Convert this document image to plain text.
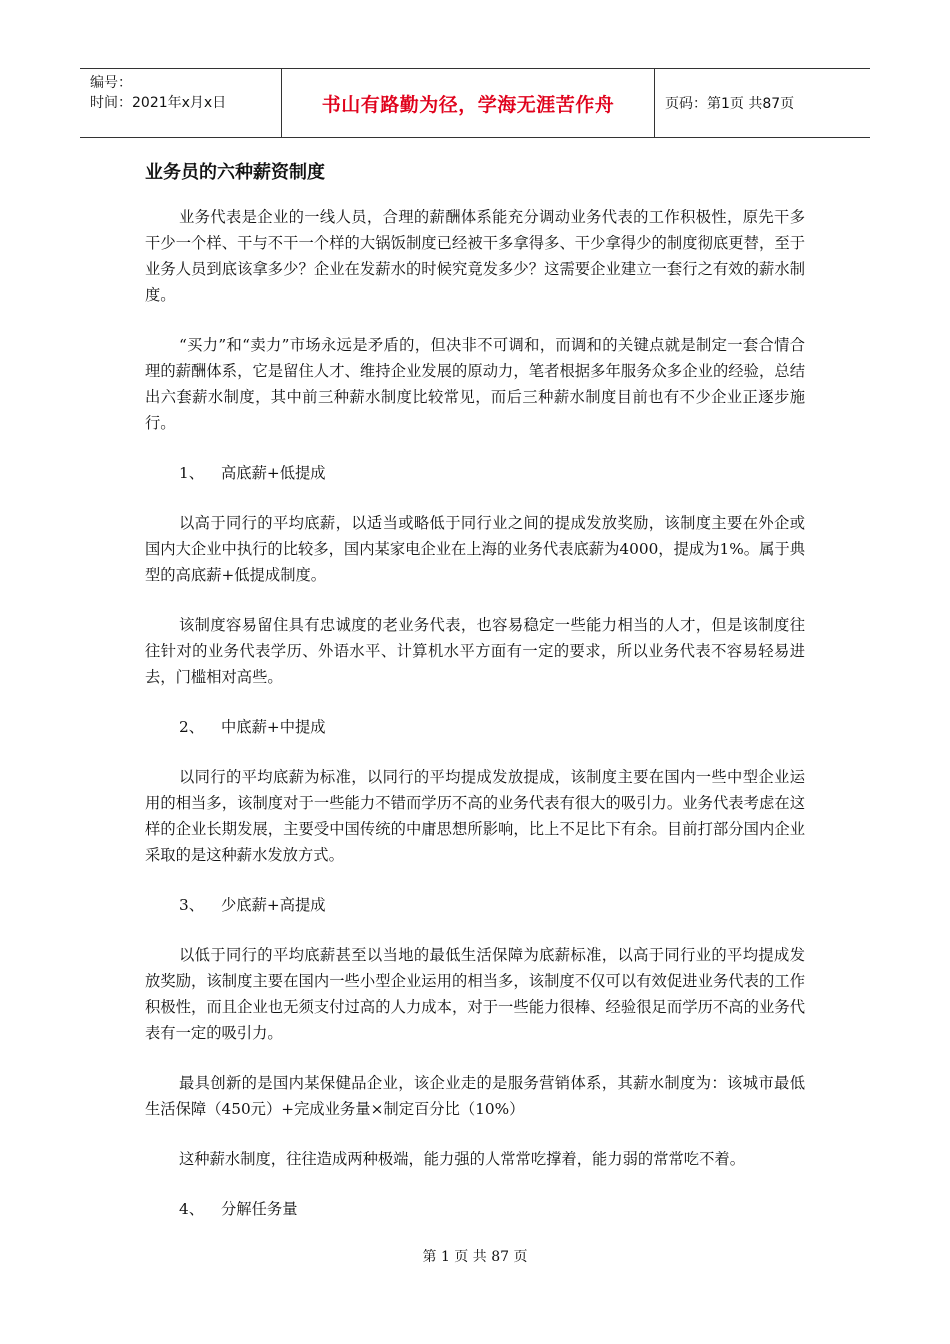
编号：
时间：2021年x月x日	书山有路勤为径，学海无涯苦作舟	页码：第1页 共87页
业务员的六种薪资制度

业务代表是企业的一线人员，合理的薪酬体系能充分调动业务代表的工作积极性，原先干多干少一个样、干与不干一个样的大锅饭制度已经被干多拿得多、干少拿得少的制度彻底更替，至于业务人员到底该拿多少？企业在发薪水的时候究竟发多少？这需要企业建立一套行之有效的薪水制度。

“买力”和“卖力”市场永远是矛盾的，但决非不可调和，而调和的关键点就是制定一套合情合理的薪酬体系，它是留住人才、维持企业发展的原动力，笔者根据多年服务众多企业的经验，总结出六套薪水制度，其中前三种薪水制度比较常见，而后三种薪水制度目前也有不少企业正逐步施行。

1、 高底薪+低提成

以高于同行的平均底薪，以适当或略低于同行业之间的提成发放奖励，该制度主要在外企或国内大企业中执行的比较多，国内某家电企业在上海的业务代表底薪为4000，提成为1%。属于典型的高底薪+低提成制度。

该制度容易留住具有忠诚度的老业务代表，也容易稳定一些能力相当的人才，但是该制度往往针对的业务代表学历、外语水平、计算机水平方面有一定的要求，所以业务代表不容易轻易进去，门槛相对高些。

2、 中底薪+中提成

以同行的平均底薪为标准，以同行的平均提成发放提成，该制度主要在国内一些中型企业运用的相当多，该制度对于一些能力不错而学历不高的业务代表有很大的吸引力。业务代表考虑在这样的企业长期发展，主要受中国传统的中庸思想所影响，比上不足比下有余。目前打部分国内企业采取的是这种薪水发放方式。

3、 少底薪+高提成

以低于同行的平均底薪甚至以当地的最低生活保障为底薪标准，以高于同行业的平均提成发放奖励，该制度主要在国内一些小型企业运用的相当多，该制度不仅可以有效促进业务代表的工作积极性，而且企业也无须支付过高的人力成本，对于一些能力很棒、经验很足而学历不高的业务代表有一定的吸引力。

最具创新的是国内某保健品企业，该企业走的是服务营销体系，其薪水制度为：该城市最低生活保障（450元）+完成业务量×制定百分比（10%）

这种薪水制度，往往造成两种极端，能力强的人常常吃撑着，能力弱的常常吃不着。

4、 分解任务量
第 1 页 共 87 页
